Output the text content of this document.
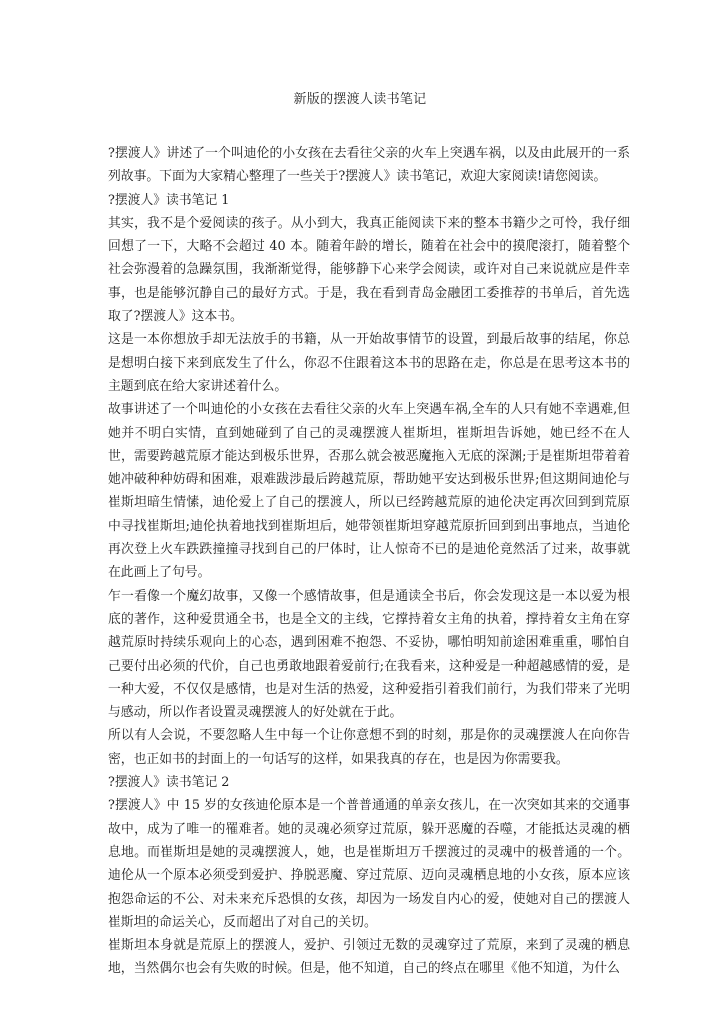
新版的摆渡人读书笔记

?摆渡人》讲述了一个叫迪伦的小女孩在去看往父亲的火车上突遇车祸，以及由此展开的一系列故事。下面为大家精心整理了一些关于?摆渡人》读书笔记，欢迎大家阅读!请您阅读。

?摆渡人》读书笔记 1

其实，我不是个爱阅读的孩子。从小到大，我真正能阅读下来的整本书籍少之可怜，我仔细回想了一下，大略不会超过 40 本。随着年龄的增长，随着在社会中的摸爬滚打，随着整个社会弥漫着的急躁氛围，我渐渐觉得，能够静下心来学会阅读，或许对自己来说就应是件幸事，也是能够沉静自己的最好方式。于是，我在看到青岛金融团工委推荐的书单后，首先选取了?摆渡人》这本书。

这是一本你想放手却无法放手的书籍，从一开始故事情节的设置，到最后故事的结尾，你总是想明白接下来到底发生了什么，你忍不住跟着这本书的思路在走，你总是在思考这本书的主题到底在给大家讲述着什么。

故事讲述了一个叫迪伦的小女孩在去看往父亲的火车上突遇车祸,全车的人只有她不幸遇难,但她并不明白实情，直到她碰到了自己的灵魂摆渡人崔斯坦，崔斯坦告诉她，她已经不在人世，需要跨越荒原才能达到极乐世界，否那么就会被恶魔拖入无底的深渊;于是崔斯坦带着着她冲破种种妨碍和困难，艰难跋涉最后跨越荒原，帮助她平安达到极乐世界;但这期间迪伦与崔斯坦暗生情愫，迪伦爱上了自己的摆渡人，所以已经跨越荒原的迪伦决定再次回到到荒原中寻找崔斯坦;迪伦执着地找到崔斯坦后，她带领崔斯坦穿越荒原折回到到出事地点，当迪伦再次登上火车跌跌撞撞寻找到自己的尸体时，让人惊奇不已的是迪伦竟然活了过来，故事就在此画上了句号。

乍一看像一个魔幻故事，又像一个感情故事，但是通读全书后，你会发现这是一本以爱为根底的著作，这种爱贯通全书，也是全文的主线，它撑持着女主角的执着，撑持着女主角在穿越荒原时持续乐观向上的心态，遇到困难不抱怨、不妥协，哪怕明知前途困难重重，哪怕自己要付出必须的代价，自己也勇敢地跟着爱前行;在我看来，这种爱是一种超越感情的爱，是一种大爱，不仅仅是感情，也是对生活的热爱，这种爱指引着我们前行，为我们带来了光明与感动，所以作者设置灵魂摆渡人的好处就在于此。

所以有人会说，不要忽略人生中每一个让你意想不到的时刻，那是你的灵魂摆渡人在向你告密，也正如书的封面上的一句话写的这样，如果我真的存在，也是因为你需要我。

?摆渡人》读书笔记 2

?摆渡人》中 15 岁的女孩迪伦原本是一个普普通通的单亲女孩儿，在一次突如其来的交通事故中，成为了唯一的罹难者。她的灵魂必须穿过荒原，躲开恶魔的吞噬，才能抵达灵魂的栖息地。而崔斯坦是她的灵魂摆渡人，她，也是崔斯坦万千摆渡过的灵魂中的极普通的一个。迪伦从一个原本必须受到爱护、挣脱恶魔、穿过荒原、迈向灵魂栖息地的小女孩，原本应该抱怨命运的不公、对未来充斥恐惧的女孩，却因为一场发自内心的爱，使她对自己的摆渡人崔斯坦的命运关心，反而超出了对自己的关切。

崔斯坦本身就是荒原上的摆渡人，爱护、引领过无数的灵魂穿过了荒原，来到了灵魂的栖息地，当然偶尔也会有失败的时候。但是，他不知道，自己的终点在哪里《他不知道，为什么
